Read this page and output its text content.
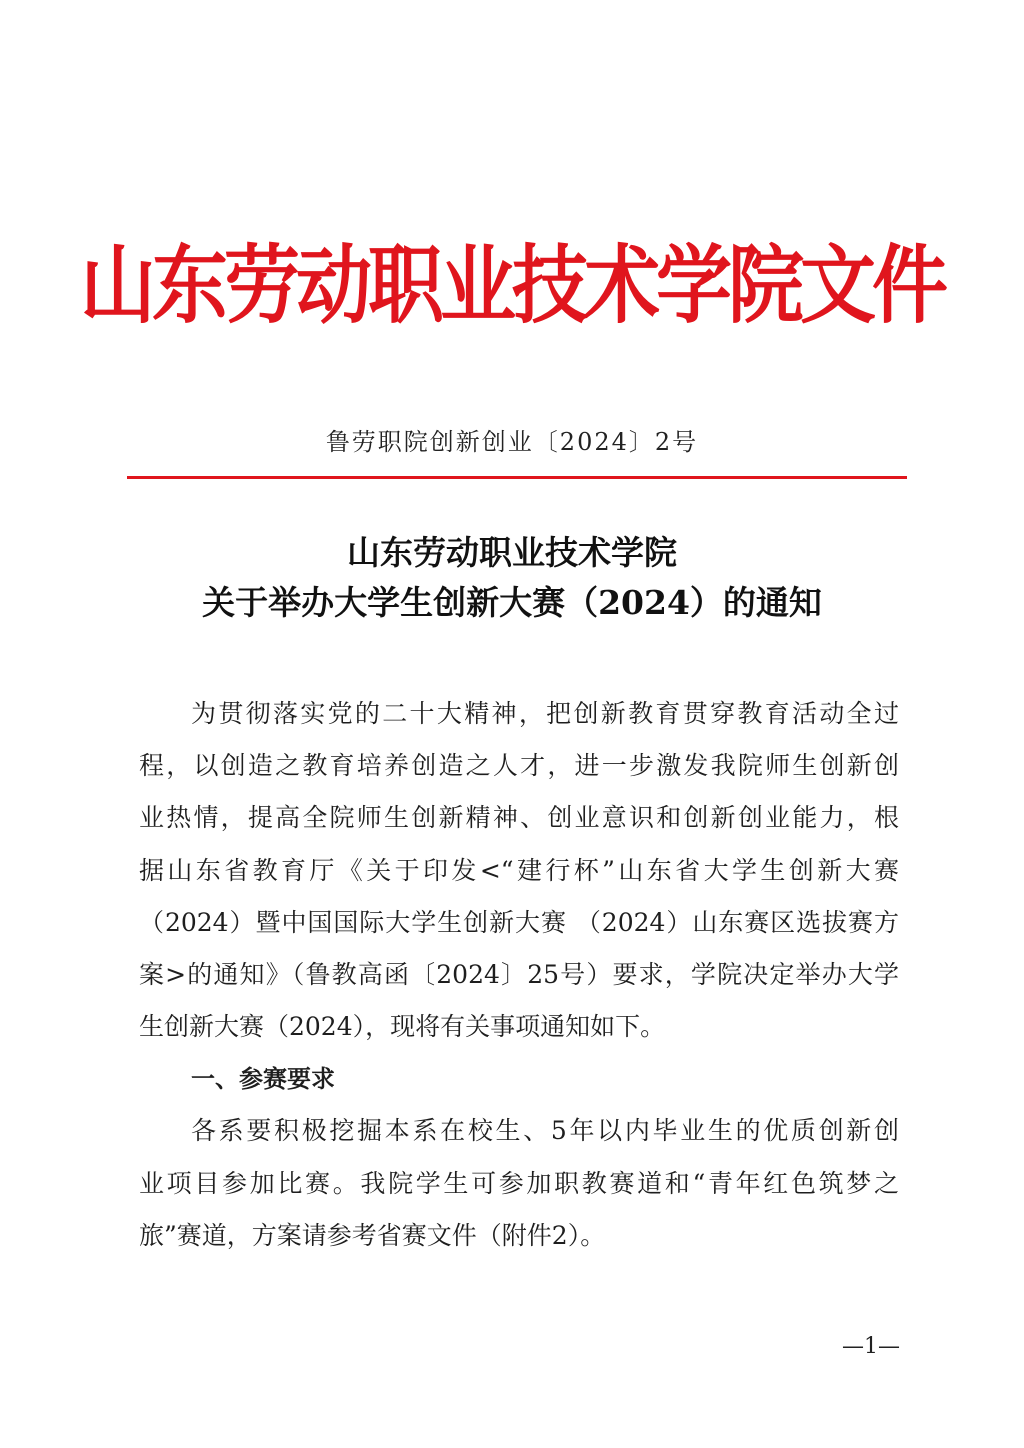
山东劳动职业技术学院文件
鲁劳职院创新创业〔2024〕2号
山东劳动职业技术学院
关于举办大学生创新大赛（2024）的通知
为贯彻落实党的二十大精神，把创新教育贯穿教育活动全过
程，以创造之教育培养创造之人才，进一步激发我院师生创新创
业热情，提高全院师生创新精神、创业意识和创新创业能力，根
据山东省教育厅《关于印发<“建行杯”山东省大学生创新大赛
（2024）暨中国国际大学生创新大赛 （2024）山东赛区选拔赛方
案>的通知》（鲁教高函〔2024〕25号）要求，学院决定举办大学
生创新大赛（2024），现将有关事项通知如下。
一、参赛要求
各系要积极挖掘本系在校生、5年以内毕业生的优质创新创
业项目参加比赛。我院学生可参加职教赛道和“青年红色筑梦之
旅”赛道，方案请参考省赛文件（附件2）。
—1—
